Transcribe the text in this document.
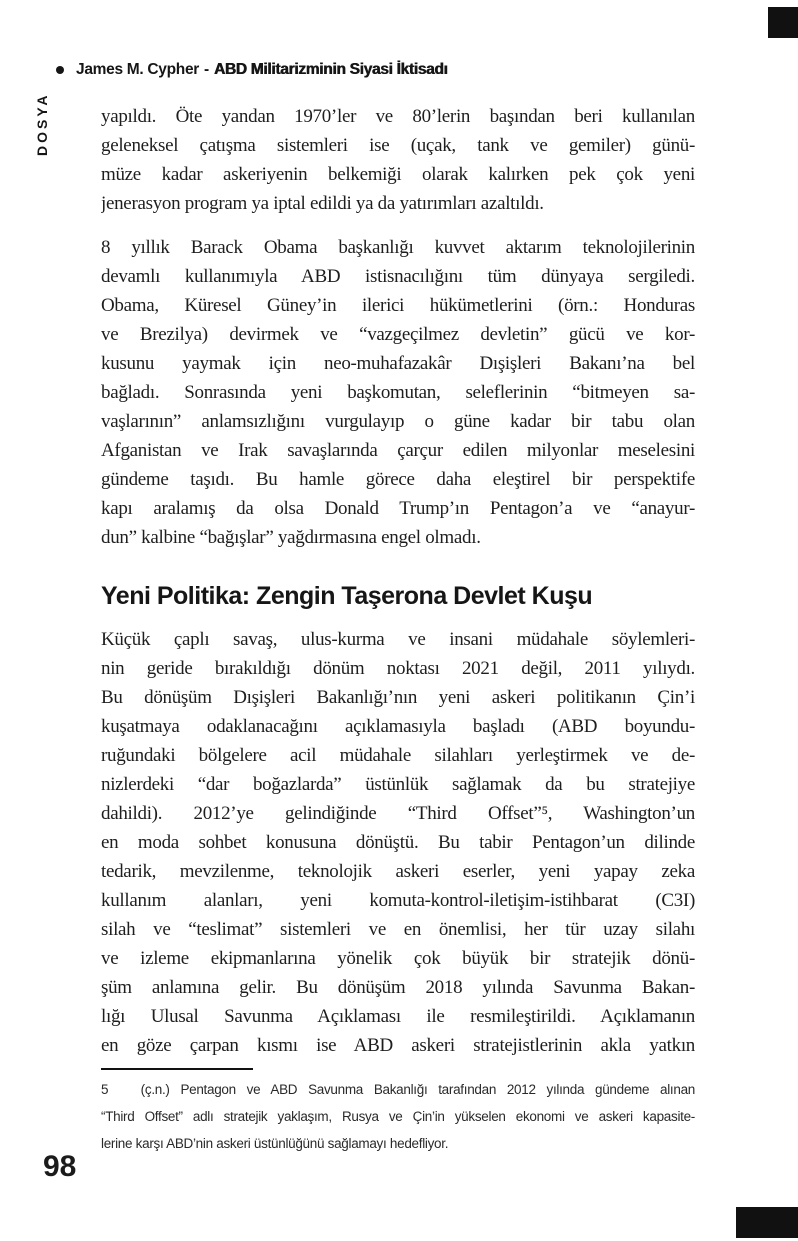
James M. Cypher - ABD Militarizminin Siyasi İktisadı
DOSYA	yapıldı. Öte yandan 1970’ler ve 80’lerin başından beri kullanılan
geleneksel çatışma sistemleri ise (uçak, tank ve gemiler) günü-
müze kadar askeriyenin belkemiği olarak kalırken pek çok yeni
jenerasyon program ya iptal edildi ya da yatırımları azaltıldı.
8 yıllık Barack Obama başkanlığı kuvvet aktarım teknolojilerinin
devamlı kullanımıyla ABD istisnacılığını tüm dünyaya sergiledi.
Obama, Küresel Güney’in ilerici hükümetlerini (örn.: Honduras
ve Brezilya) devirmek ve “vazgeçilmez devletin” gücü ve kor-
kusunu yaymak için neo-muhafazakâr Dışişleri Bakanı’na bel
bağladı. Sonrasında yeni başkomutan, seleflerinin “bitmeyen sa-
vaşlarının” anlamsızlığını vurgulayıp o güne kadar bir tabu olan
Afganistan ve Irak savaşlarında çarçur edilen milyonlar meselesini
gündeme taşıdı. Bu hamle görece daha eleştirel bir perspektife
kapı aralamış da olsa Donald Trump’ın Pentagon’a ve “anayur-
dun” kalbine “bağışlar” yağdırmasına engel olmadı.
Yeni Politika: Zengin Taşerona Devlet Kuşu
Küçük çaplı savaş, ulus-kurma ve insani müdahale söylemleri-
nin geride bırakıldığı dönüm noktası 2021 değil, 2011 yılıydı.
Bu dönüşüm Dışişleri Bakanlığı’nın yeni askeri politikanın Çin’i
kuşatmaya odaklanacağını açıklamasıyla başladı (ABD boyundu-
ruğundaki bölgelere acil müdahale silahları yerleştirmek ve de-
nizlerdeki “dar boğazlarda” üstünlük sağlamak da bu stratejiye
dahildi). 2012’ye gelindiğinde “Third Offset”⁵, Washington’un
en moda sohbet konusuna dönüştü. Bu tabir Pentagon’un dilinde
tedarik, mevzilenme, teknolojik askeri eserler, yeni yapay zeka
kullanım alanları, yeni komuta-kontrol-iletişim-istihbarat (C3I)
silah ve “teslimat” sistemleri ve en önemlisi, her tür uzay silahı
ve izleme ekipmanlarına yönelik çok büyük bir stratejik dönü-
şüm anlamına gelir. Bu dönüşüm 2018 yılında Savunma Bakan-
lığı Ulusal Savunma Açıklaması ile resmileştirildi. Açıklamanın
en göze çarpan kısmı ise ABD askeri stratejistlerinin akla yatkın
5   (ç.n.) Pentagon ve ABD Savunma Bakanlığı tarafından 2012 yılında gündeme alınan
“Third Offset” adlı stratejik yaklaşım, Rusya ve Çin’in yükselen ekonomi ve askeri kapasite-
lerine karşı ABD’nin askeri üstünlüğünü sağlamayı hedefliyor.
98
